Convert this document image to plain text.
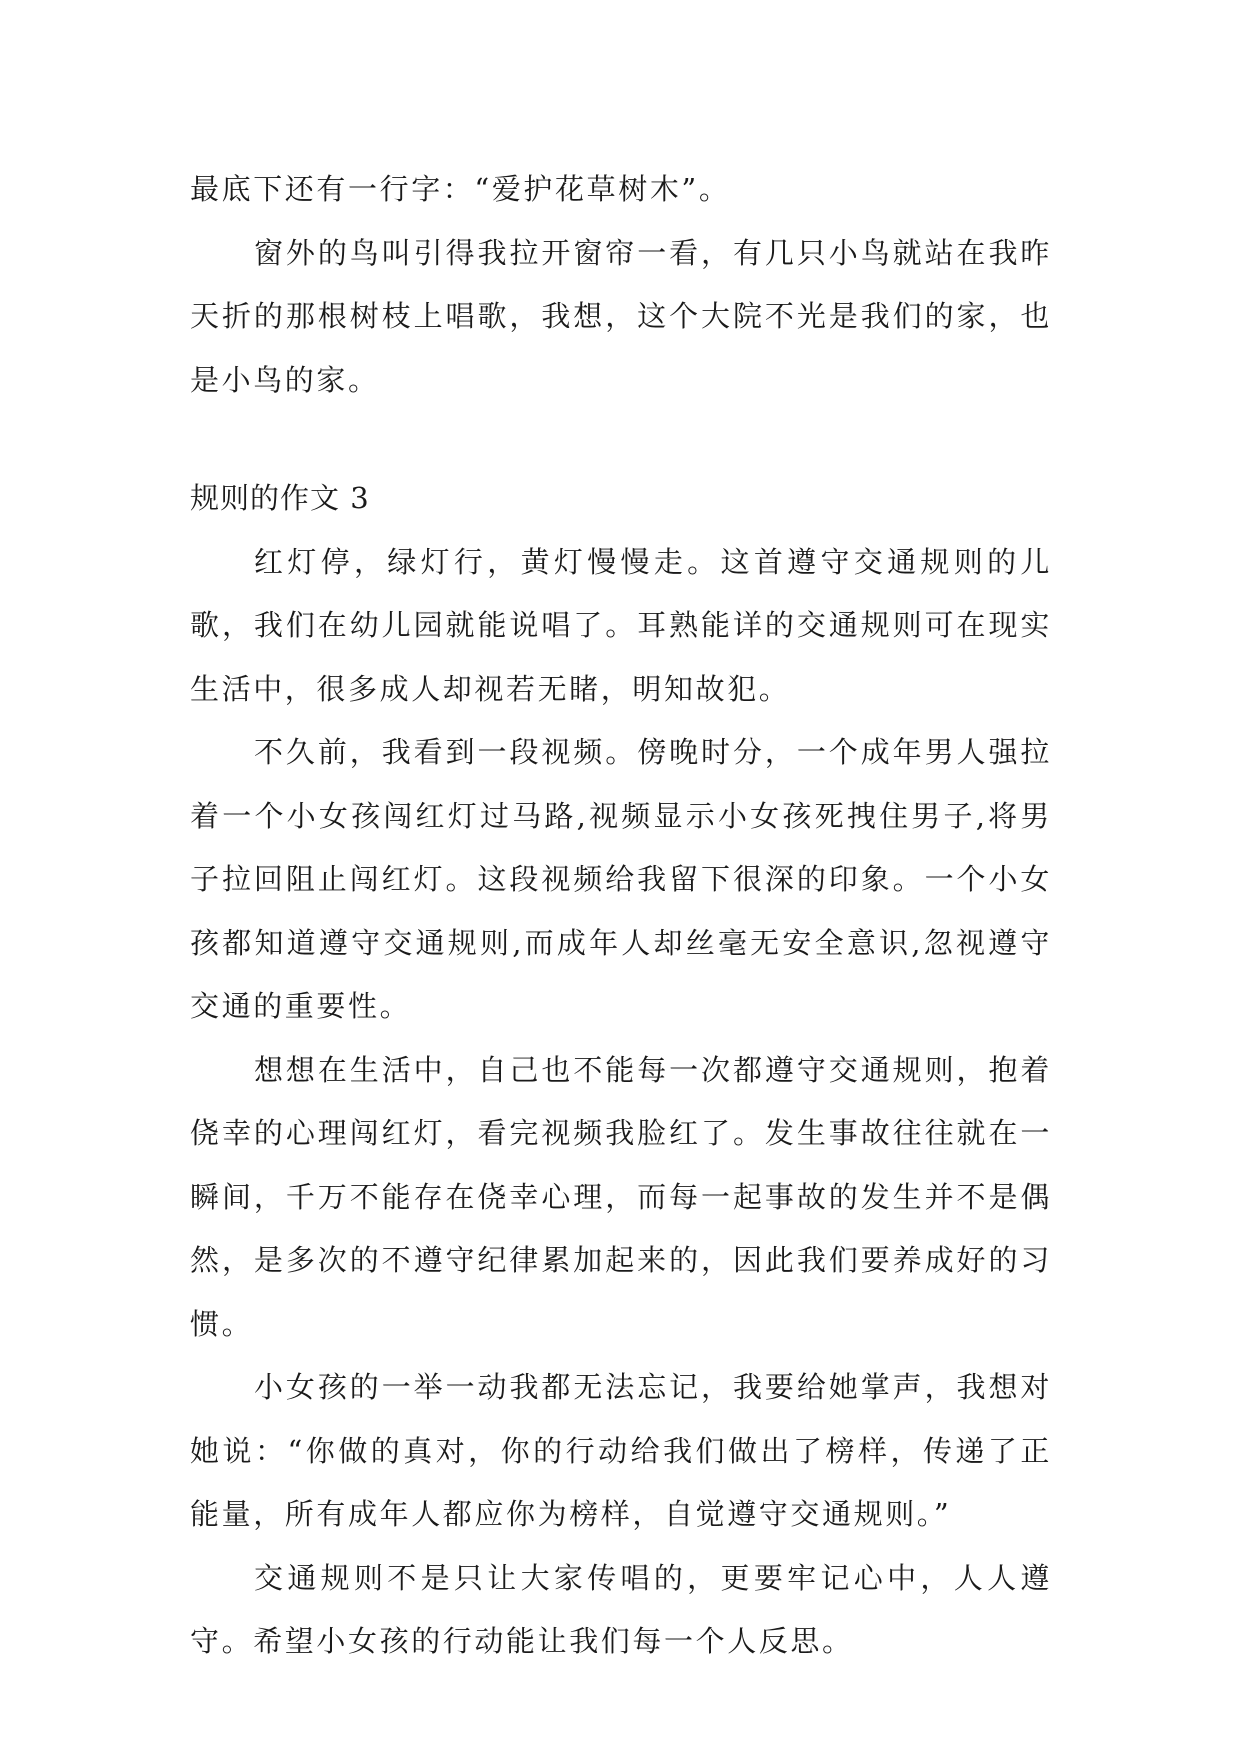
最底下还有一行字：“爱护花草树木”。

窗外的鸟叫引得我拉开窗帘一看，有几只小鸟就站在我昨天折的那根树枝上唱歌，我想，这个大院不光是我们的家，也是小鸟的家。

规则的作文 3

红灯停，绿灯行，黄灯慢慢走。这首遵守交通规则的儿歌，我们在幼儿园就能说唱了。耳熟能详的交通规则可在现实生活中，很多成人却视若无睹，明知故犯。

不久前，我看到一段视频。傍晚时分，一个成年男人强拉着一个小女孩闯红灯过马路,视频显示小女孩死拽住男子,将男子拉回阻止闯红灯。这段视频给我留下很深的印象。一个小女孩都知道遵守交通规则,而成年人却丝毫无安全意识,忽视遵守交通的重要性。

想想在生活中，自己也不能每一次都遵守交通规则，抱着侥幸的心理闯红灯，看完视频我脸红了。发生事故往往就在一瞬间，千万不能存在侥幸心理，而每一起事故的发生并不是偶然，是多次的不遵守纪律累加起来的，因此我们要养成好的习惯。

小女孩的一举一动我都无法忘记，我要给她掌声，我想对她说：“你做的真对，你的行动给我们做出了榜样，传递了正能量，所有成年人都应你为榜样，自觉遵守交通规则。”

交通规则不是只让大家传唱的，更要牢记心中，人人遵守。希望小女孩的行动能让我们每一个人反思。
